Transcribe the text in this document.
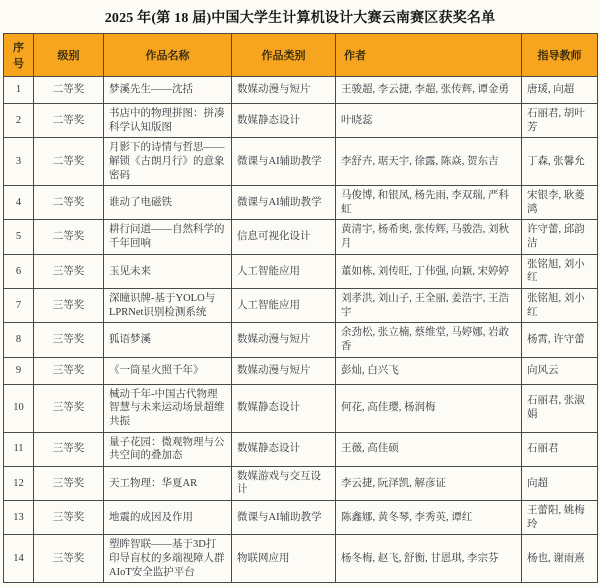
2025 年(第 18 届)中国大学生计算机设计大赛云南赛区获奖名单
序号	级别	作品名称	作品类别	作者	指导教师
1	二等奖	梦溪先生——沈括	数媒动漫与短片	王骏超, 李云捷, 李超, 张传辉, 谭金勇	唐瑗, 向超
2	二等奖	书店中的物理拼图：拼凑科学认知版图	数媒静态设计	叶晓蕊	石丽君, 胡叶芳
3	二等奖	月影下的诗情与哲思——解锁《古朗月行》的意象密码	微课与AI辅助教学	李舒卉, 琚天宇, 徐露, 陈焱, 贺东吉	丁森, 张馨允
4	二等奖	谁动了电磁铁	微课与AI辅助教学	马俊博, 和银凤, 杨先雨, 李双瑞, 严科虹	宋银李, 耿菱鸿
5	二等奖	耕行问道——自然科学的千年回响	信息可视化设计	黄清宇, 杨希奥, 张传辉, 马骏浩, 刘秋月	许守蕾, 邱韵洁
6	三等奖	玉见未来	人工智能应用	董如栋, 刘传旺, 丁伟强, 向颖, 宋婷婷	张铭旭, 刘小红
7	三等奖	深瞳识牌-基于YOLO与LPRNet识别检测系统	人工智能应用	刘孝洪, 刘山子, 王全丽, 姜浩宇, 王浩宇	张铭旭, 刘小红
8	三等奖	狐语梦溪	数媒动漫与短片	余劲松, 张立楠, 蔡维堂, 马婷娜, 岩敢香	杨霄, 许守蕾
9	三等奖	《一筒星火照千年》	数媒动漫与短片	彭灿, 白兴飞	向风云
10	三等奖	械动千年-中国古代物理智慧与未来运动场景超维共振	数媒静态设计	何花, 高佳璎, 杨润梅	石丽君, 张淑娟
11	三等奖	量子花园：微观物理与公共空间的叠加态	数媒静态设计	王薇, 高佳硕	石丽君
12	三等奖	天工物理：华夏AR	数媒游戏与交互设计	李云捷, 阮泽凯, 解彦证	向超
13	三等奖	地震的成因及作用	微课与AI辅助教学	陈鑫娜, 黄冬琴, 李秀英, 谭红	王蕾阳, 姚梅玲
14	三等奖	塑眸智联——基于3D打印导盲杖的多端视障人群AIoT安全监护平台	物联网应用	杨冬梅, 赵飞, 舒衡, 甘恩琪, 李宗芬	杨也, 谢雨熹
